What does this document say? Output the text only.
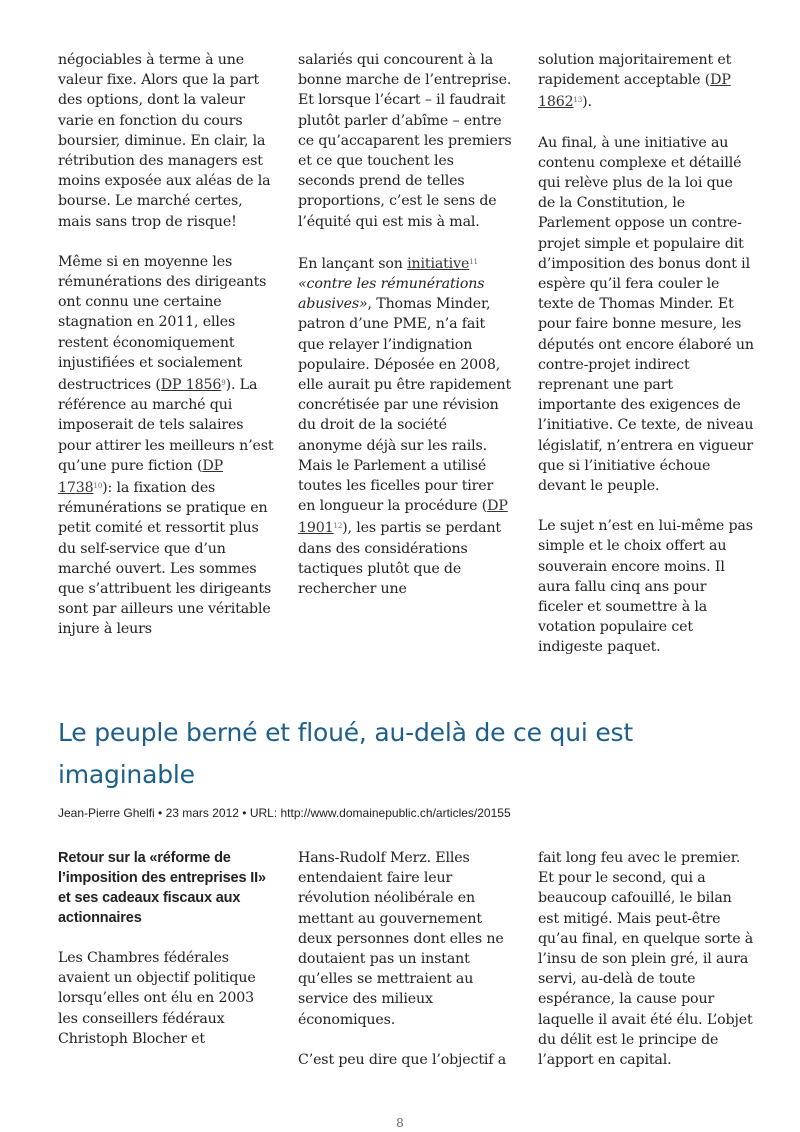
négociables à terme à une valeur fixe. Alors que la part des options, dont la valeur varie en fonction du cours boursier, diminue. En clair, la rétribution des managers est moins exposée aux aléas de la bourse. Le marché certes, mais sans trop de risque!

Même si en moyenne les rémunérations des dirigeants ont connu une certaine stagnation en 2011, elles restent économiquement injustifiées et socialement destructrices (DP 1856$^9$). La référence au marché qui imposerait de tels salaires pour attirer les meilleurs n’est qu’une pure fiction (DP 1738$^{10}$): la fixation des rémunérations se pratique en petit comité et ressortit plus du self-service que d’un marché ouvert. Les sommes que s’attribuent les dirigeants sont par ailleurs une véritable injure à leurs

salariés qui concourent à la bonne marche de l’entreprise. Et lorsque l’écart – il faudrait plutôt parler d’abîme – entre ce qu’accaparent les premiers et ce que touchent les seconds prend de telles proportions, c’est le sens de l’équité qui est mis à mal.

En lançant son initiative$^{11}$ «contre les rémunérations abusives», Thomas Minder, patron d’une PME, n’a fait que relayer l’indignation populaire. Déposée en 2008, elle aurait pu être rapidement concrétisée par une révision du droit de la société anonyme déjà sur les rails. Mais le Parlement a utilisé toutes les ficelles pour tirer en longueur la procédure (DP 1901$^{12}$), les partis se perdant dans des considérations tactiques plutôt que de rechercher une

solution majoritairement et rapidement acceptable (DP 1862$^{13}$).

Au final, à une initiative au contenu complexe et détaillé qui relève plus de la loi que de la Constitution, le Parlement oppose un contre-projet simple et populaire dit d’imposition des bonus dont il espère qu’il fera couler le texte de Thomas Minder. Et pour faire bonne mesure, les députés ont encore élaboré un contre-projet indirect reprenant une part importante des exigences de l’initiative. Ce texte, de niveau législatif, n’entrera en vigueur que si l’initiative échoue devant le peuple.

Le sujet n’est en lui-même pas simple et le choix offert au souverain encore moins. Il aura fallu cinq ans pour ficeler et soumettre à la votation populaire cet indigeste paquet.

Le peuple berné et floué, au-delà de ce qui est imaginable
Jean-Pierre Ghelfi • 23 mars 2012 • URL: http://www.domainepublic.ch/articles/20155
Retour sur la «réforme de l’imposition des entreprises II» et ses cadeaux fiscaux aux actionnaires

Les Chambres fédérales avaient un objectif politique lorsqu’elles ont élu en 2003 les conseillers fédéraux Christoph Blocher et

Hans-Rudolf Merz. Elles entendaient faire leur révolution néolibérale en mettant au gouvernement deux personnes dont elles ne doutaient pas un instant qu’elles se mettraient au service des milieux économiques.

C’est peu dire que l’objectif a

fait long feu avec le premier. Et pour le second, qui a beaucoup cafouillé, le bilan est mitigé. Mais peut-être qu’au final, en quelque sorte à l’insu de son plein gré, il aura servi, au-delà de toute espérance, la cause pour laquelle il avait été élu. L’objet du délit est le principe de l’apport en capital.

8
